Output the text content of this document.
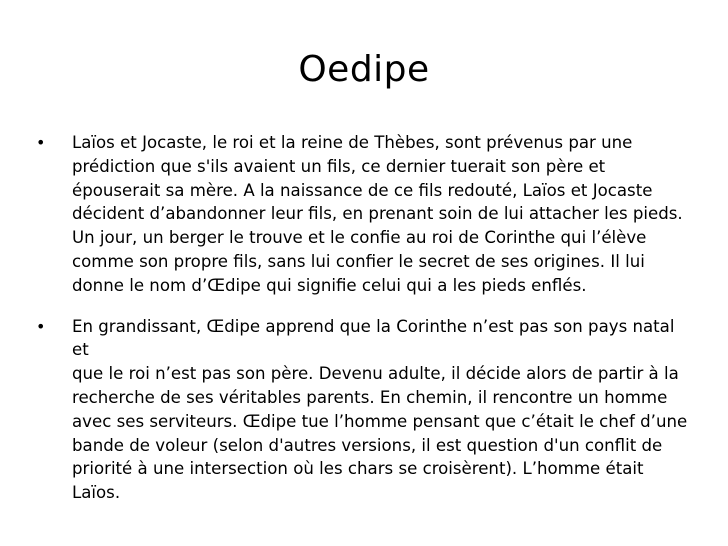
Oedipe
•	Laïos et Jocaste, le roi et la reine de Thèbes, sont prévenus par une
prédiction que s'ils avaient un fils, ce dernier tuerait son père et
épouserait sa mère. A la naissance de ce fils redouté, Laïos et Jocaste
décident d’abandonner leur fils, en prenant soin de lui attacher les pieds.
Un jour, un berger le trouve et le confie au roi de Corinthe qui l’élève
comme son propre fils, sans lui confier le secret de ses origines. Il lui
donne le nom d’Œdipe qui signifie celui qui a les pieds enflés.
•	En grandissant, Œdipe apprend que la Corinthe n’est pas son pays natal et
que le roi n’est pas son père. Devenu adulte, il décide alors de partir à la
recherche de ses véritables parents. En chemin, il rencontre un homme
avec ses serviteurs. Œdipe tue l’homme pensant que c’était le chef d’une
bande de voleur (selon d'autres versions, il est question d'un conflit de
priorité à une intersection où les chars se croisèrent). L’homme était
Laïos.
